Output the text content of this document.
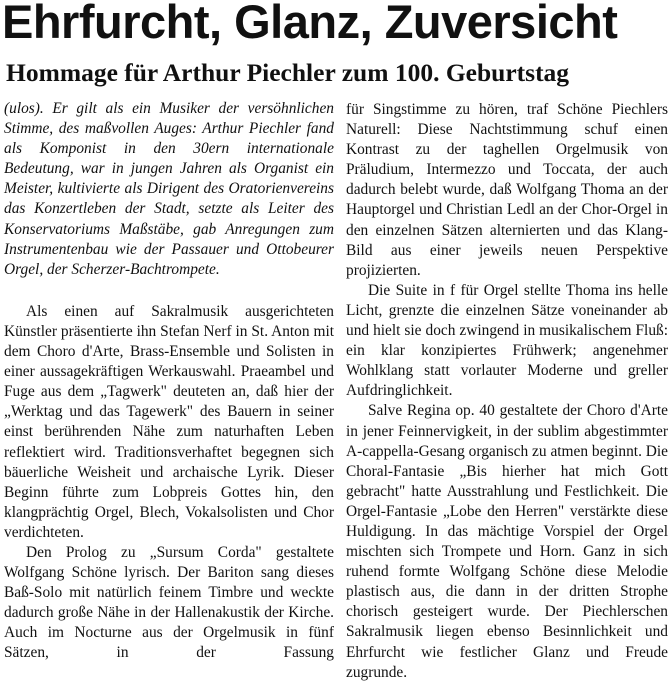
Ehrfurcht, Glanz, Zuversicht
Hommage für Arthur Piechler zum 100. Geburtstag

(ulos). Er gilt als ein Musiker der versöhnlichen Stimme, des maßvollen Auges: Arthur Piechler fand als Komponist in den 30ern internationale Bedeutung, war in jungen Jahren als Organist ein Meister, kultivierte als Dirigent des Oratorienvereins das Konzertleben der Stadt, setzte als Leiter des Konservatoriums Maßstäbe, gab Anregungen zum Instrumentenbau wie der Passauer und Ottobeurer Orgel, der Scherzer-Bachtrompete.

Als einen auf Sakralmusik ausgerichteten Künstler präsentierte ihn Stefan Nerf in St. Anton mit dem Choro d'Arte, Brass-Ensemble und Solisten in einer aussagekräftigen Werkauswahl. Praeambel und Fuge aus dem „Tagwerk" deuteten an, daß hier der „Werktag und das Tagewerk" des Bauern in seiner einst berührenden Nähe zum naturhaften Leben reflektiert wird. Traditionsverhaftet begegnen sich bäuerliche Weisheit und archaische Lyrik. Dieser Beginn führte zum Lobpreis Gottes hin, den klangprächtig Orgel, Blech, Vokalsolisten und Chor verdichteten.

Den Prolog zu „Sursum Corda" gestaltete Wolfgang Schöne lyrisch. Der Bariton sang dieses Baß-Solo mit natürlich feinem Timbre und weckte dadurch große Nähe in der Hallenakustik der Kirche. Auch im Nocturne aus der Orgelmusik in fünf Sätzen, in der Fassung

für Singstimme zu hören, traf Schöne Piechlers Naturell: Diese Nachtstimmung schuf einen Kontrast zu der taghellen Orgelmusik von Präludium, Intermezzo und Toccata, der auch dadurch belebt wurde, daß Wolfgang Thoma an der Hauptorgel und Christian Ledl an der Chor-Orgel in den einzelnen Sätzen alternierten und das Klang-Bild aus einer jeweils neuen Perspektive projizierten.

Die Suite in f für Orgel stellte Thoma ins helle Licht, grenzte die einzelnen Sätze voneinander ab und hielt sie doch zwingend in musikalischem Fluß: ein klar konzipiertes Frühwerk; angenehmer Wohlklang statt vorlauter Moderne und greller Aufdringlichkeit.

Salve Regina op. 40 gestaltete der Choro d'Arte in jener Feinnervigkeit, in der sublim abgestimmter A-cappella-Gesang organisch zu atmen beginnt. Die Choral-Fantasie „Bis hierher hat mich Gott gebracht" hatte Ausstrahlung und Festlichkeit. Die Orgel-Fantasie „Lobe den Herren" verstärkte diese Huldigung. In das mächtige Vorspiel der Orgel mischten sich Trompete und Horn. Ganz in sich ruhend formte Wolfgang Schöne diese Melodie plastisch aus, die dann in der dritten Strophe chorisch gesteigert wurde. Der Piechlerschen Sakralmusik liegen ebenso Besinnlichkeit und Ehrfurcht wie festlicher Glanz und Freude zugrunde.
